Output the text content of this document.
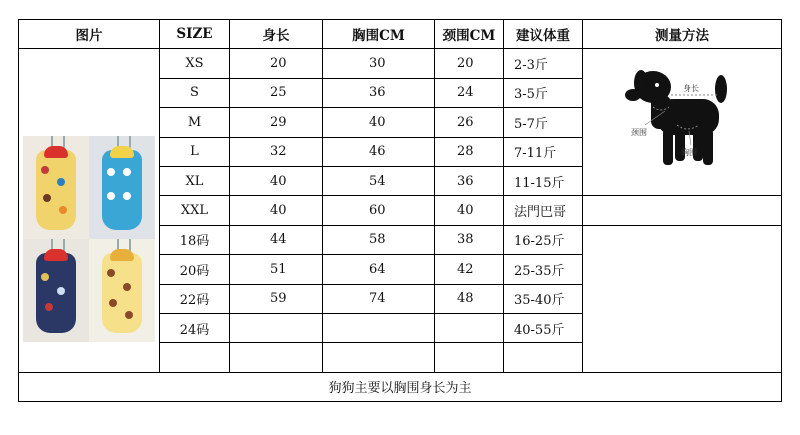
图片	SIZE	身长	胸围CM	颈围CM	建议体重	测量方法

	XS	20	30	20	2-3斤	身长
颈围
胸围

	S	25	36	24	3-5斤	
	M	29	40	26	5-7斤	
	L	32	46	28	7-11斤	
	XL	40	54	36	11-15斤	
	XXL	40	60	40	法門巴哥	
	18码	44	58	38	16-25斤	
	20码	51	64	42	25-35斤	
	22码	59	74	48	35-40斤	
	24码				40-55斤	

狗狗主要以胸围身长为主						
